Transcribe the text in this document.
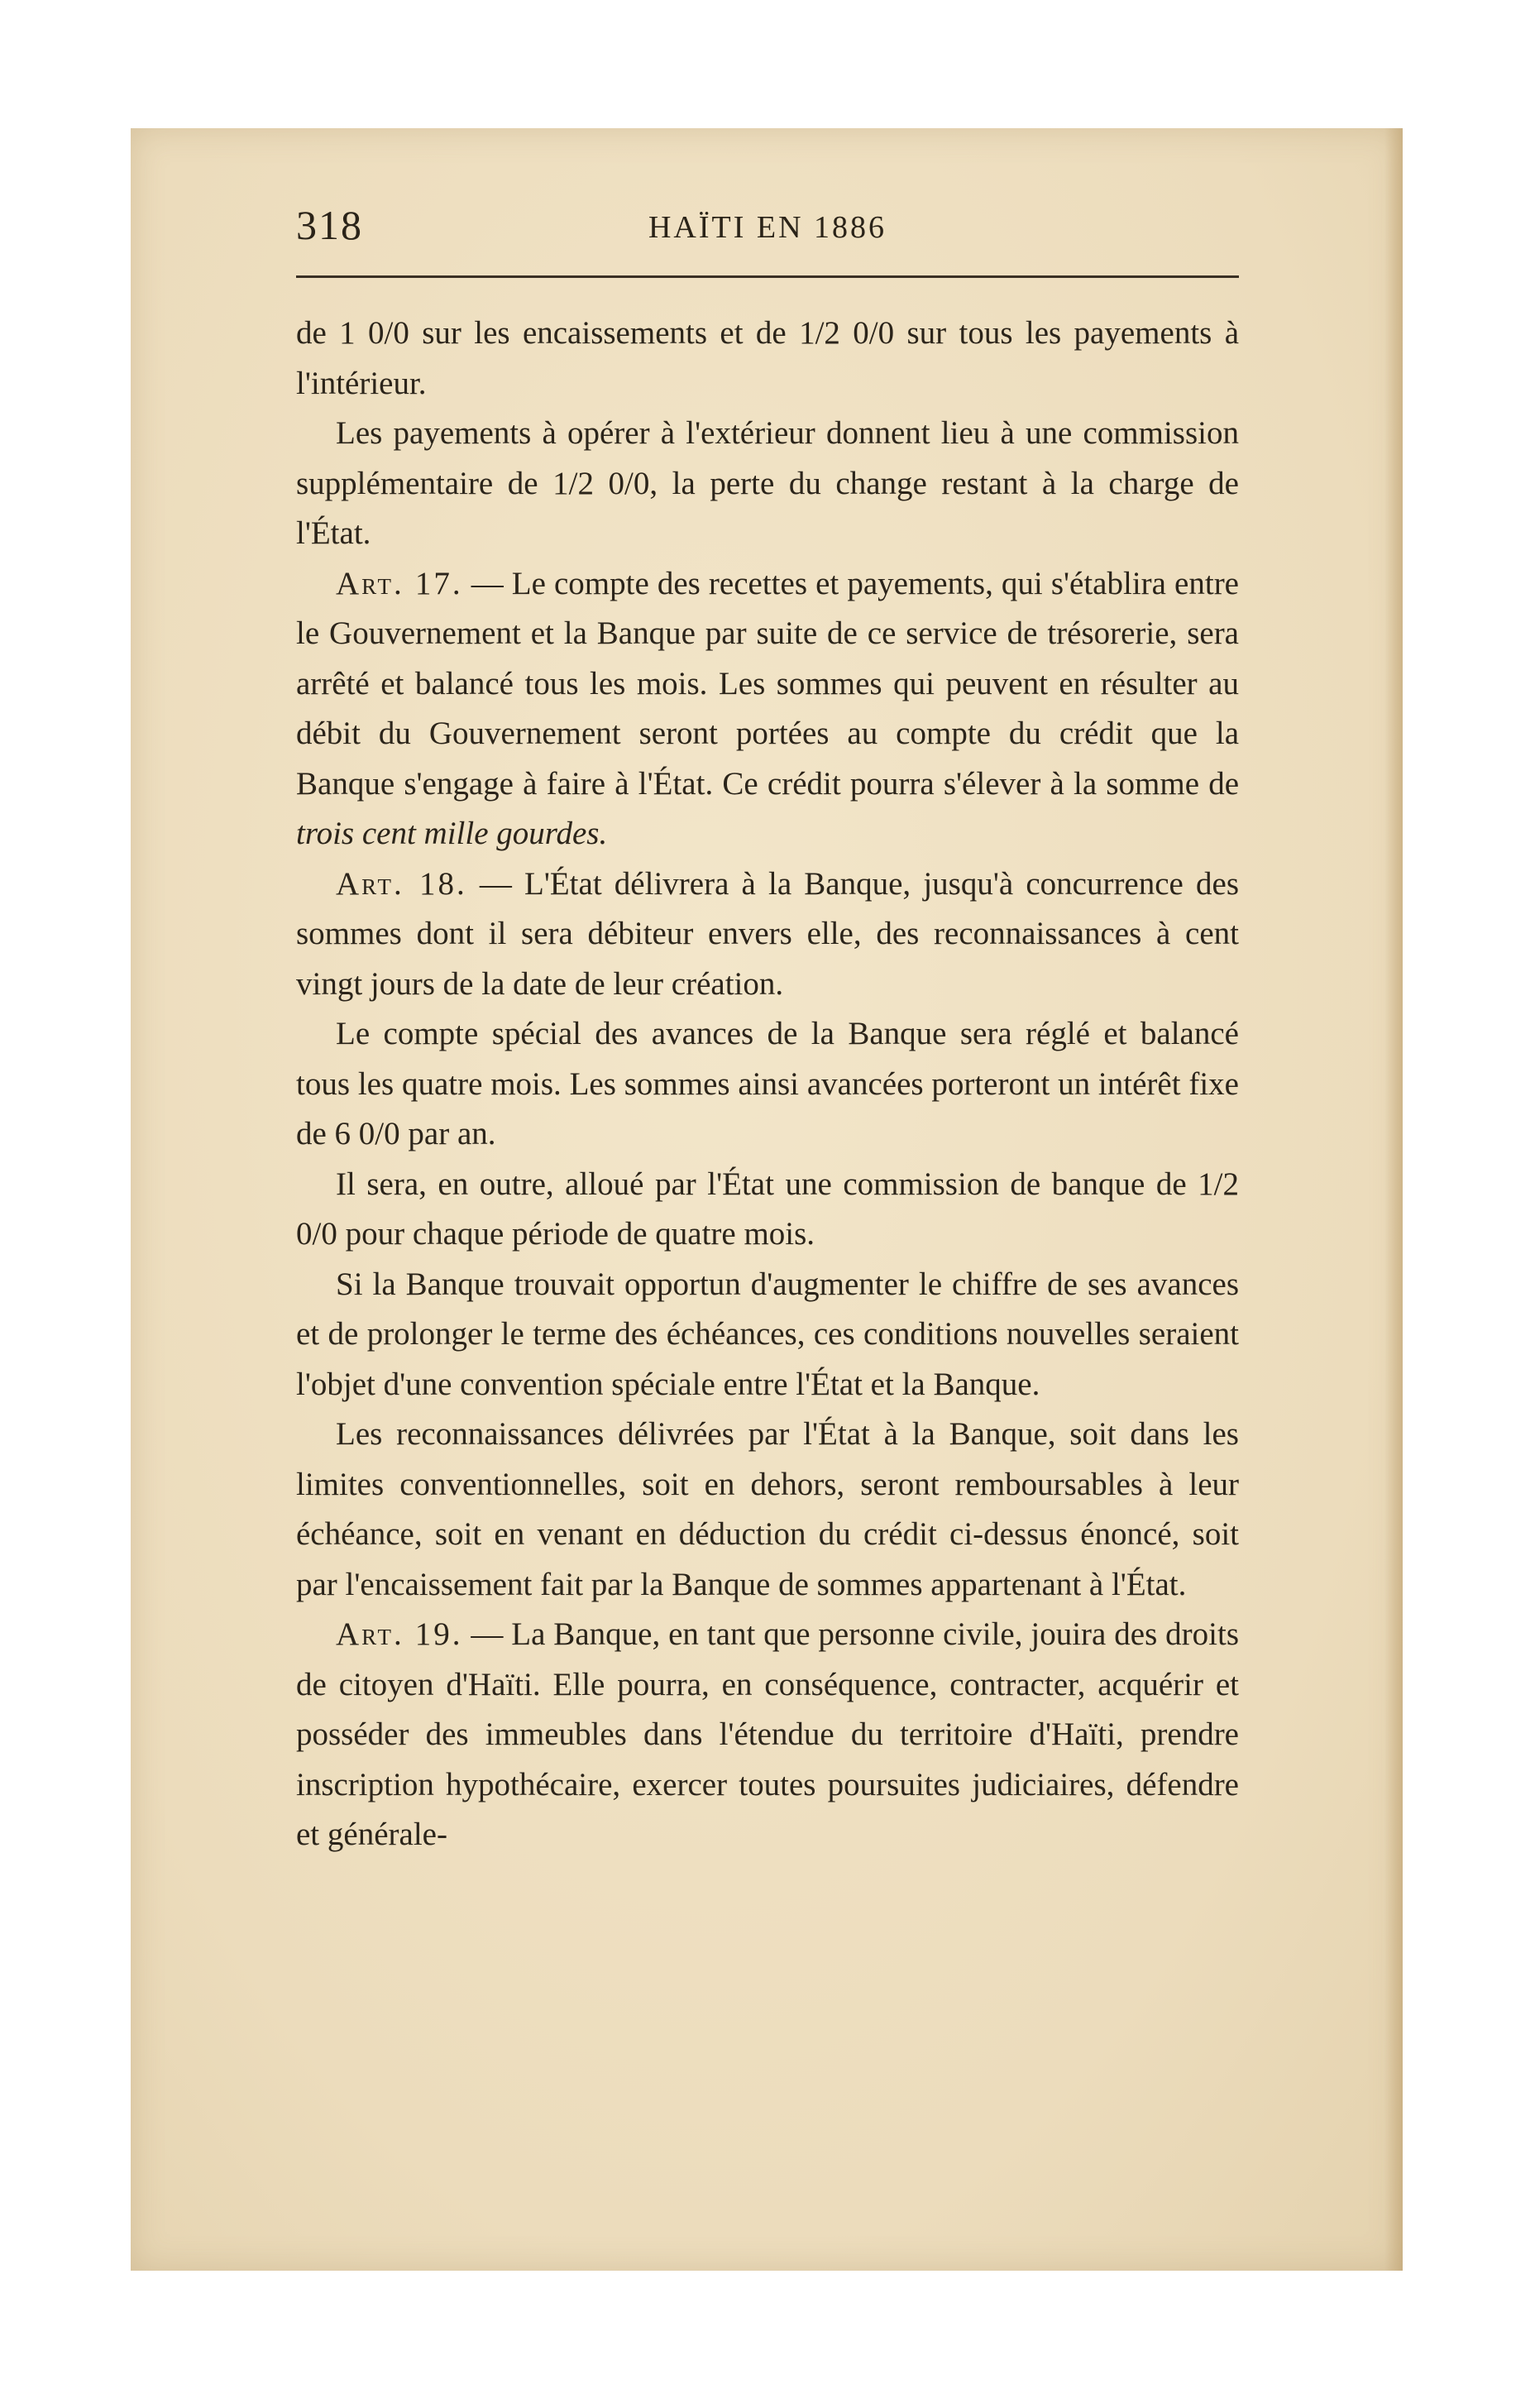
318	HAÏTI EN 1886

de 1 0/0 sur les encaissements et de 1/2 0/0 sur tous les payements à l'intérieur.

Les payements à opérer à l'extérieur donnent lieu à une commission supplémentaire de 1/2 0/0, la perte du change restant à la charge de l'État.

Art. 17. — Le compte des recettes et payements, qui s'établira entre le Gouvernement et la Banque par suite de ce service de trésorerie, sera arrêté et balancé tous les mois. Les sommes qui peuvent en résulter au débit du Gouvernement seront portées au compte du crédit que la Banque s'engage à faire à l'État. Ce crédit pourra s'élever à la somme de trois cent mille gourdes.

Art. 18. — L'État délivrera à la Banque, jusqu'à concurrence des sommes dont il sera débiteur envers elle, des reconnaissances à cent vingt jours de la date de leur création.

Le compte spécial des avances de la Banque sera réglé et balancé tous les quatre mois. Les sommes ainsi avancées porteront un intérêt fixe de 6 0/0 par an.

Il sera, en outre, alloué par l'État une commission de banque de 1/2 0/0 pour chaque période de quatre mois.

Si la Banque trouvait opportun d'augmenter le chiffre de ses avances et de prolonger le terme des échéances, ces conditions nouvelles seraient l'objet d'une convention spéciale entre l'État et la Banque.

Les reconnaissances délivrées par l'État à la Banque, soit dans les limites conventionnelles, soit en dehors, seront remboursables à leur échéance, soit en venant en déduction du crédit ci-dessus énoncé, soit par l'encaissement fait par la Banque de sommes appartenant à l'État.

Art. 19. — La Banque, en tant que personne civile, jouira des droits de citoyen d'Haïti. Elle pourra, en conséquence, contracter, acquérir et posséder des immeubles dans l'étendue du territoire d'Haïti, prendre inscription hypothécaire, exercer toutes poursuites judiciaires, défendre et générale-
